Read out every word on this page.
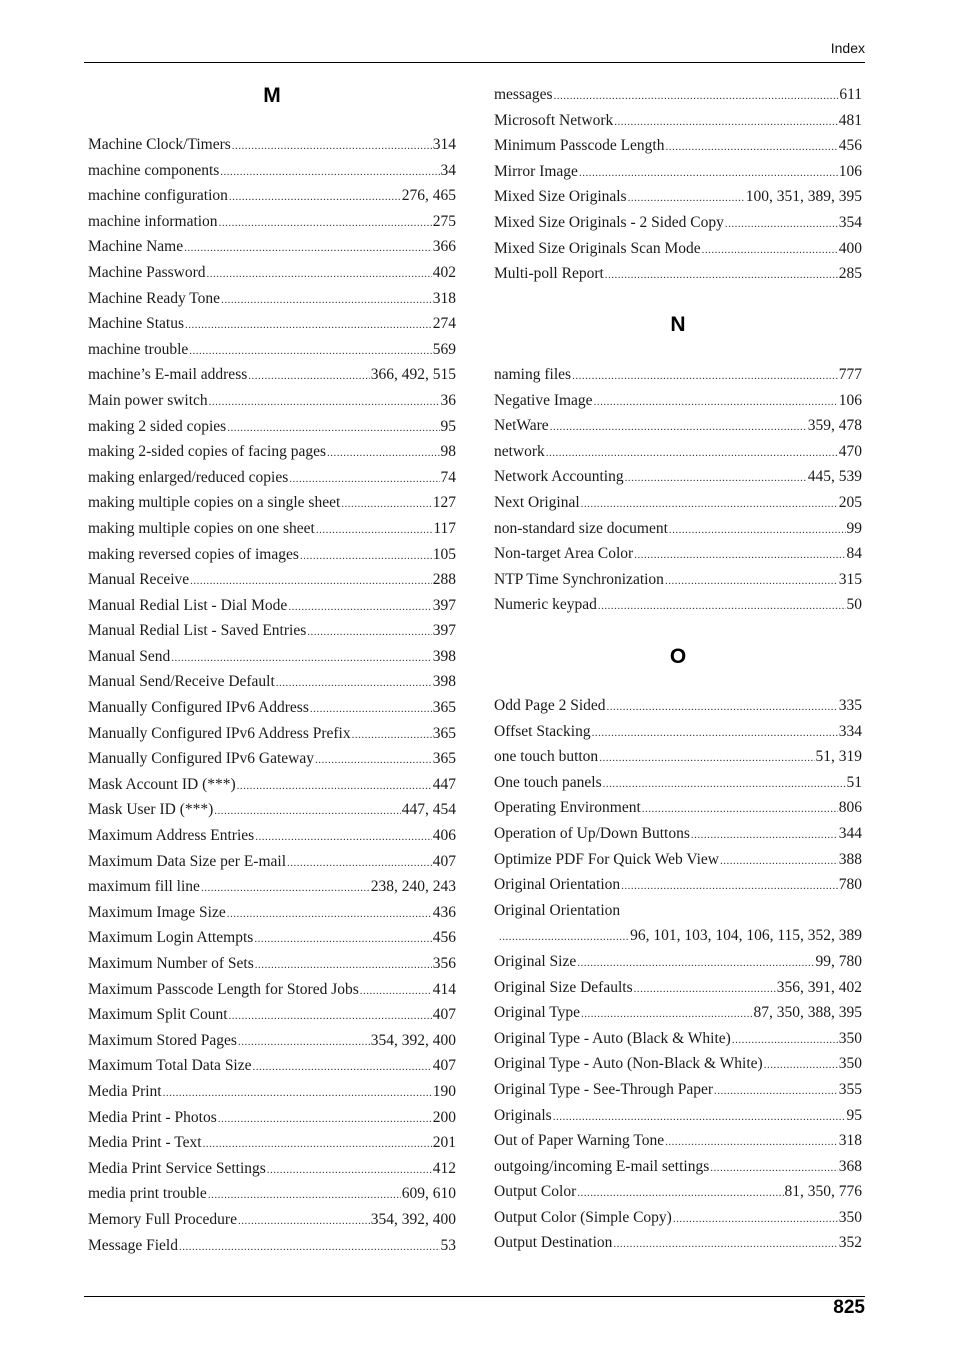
Index
M
Machine Clock/Timers .....	314
machine components .....	34
machine configuration .....	276, 465
machine information .....	275
Machine Name .....	366
Machine Password .....	402
Machine Ready Tone .....	318
Machine Status .....	274
machine trouble .....	569
machine’s E-mail address .....	366, 492, 515
Main power switch .....	36
making 2 sided copies .....	95
making 2-sided copies of facing pages .....	98
making enlarged/reduced copies .....	74
making multiple copies on a single sheet .....	127
making multiple copies on one sheet .....	117
making reversed copies of images .....	105
Manual Receive .....	288
Manual Redial List - Dial Mode .....	397
Manual Redial List - Saved Entries .....	397
Manual Send .....	398
Manual Send/Receive Default .....	398
Manually Configured IPv6 Address .....	365
Manually Configured IPv6 Address Prefix .....	365
Manually Configured IPv6 Gateway .....	365
Mask Account ID (***) .....	447
Mask User ID (***) .....	447, 454
Maximum Address Entries .....	406
Maximum Data Size per E-mail .....	407
maximum fill line .....	238, 240, 243
Maximum Image Size .....	436
Maximum Login Attempts .....	456
Maximum Number of Sets .....	356
Maximum Passcode Length for Stored Jobs .....	414
Maximum Split Count .....	407
Maximum Stored Pages .....	354, 392, 400
Maximum Total Data Size .....	407
Media Print .....	190
Media Print - Photos .....	200
Media Print - Text .....	201
Media Print Service Settings .....	412
media print trouble .....	609, 610
Memory Full Procedure .....	354, 392, 400
Message Field .....	53
messages .....	611
Microsoft Network .....	481
Minimum Passcode Length .....	456
Mirror Image .....	106
Mixed Size Originals .....	100, 351, 389, 395
Mixed Size Originals - 2 Sided Copy .....	354
Mixed Size Originals Scan Mode .....	400
Multi-poll Report .....	285
N
naming files .....	777
Negative Image .....	106
NetWare .....	359, 478
network .....	470
Network Accounting .....	445, 539
Next Original .....	205
non-standard size document .....	99
Non-target Area Color .....	84
NTP Time Synchronization .....	315
Numeric keypad .....	50
O
Odd Page 2 Sided .....	335
Offset Stacking .....	334
one touch button .....	51, 319
One touch panels .....	51
Operating Environment .....	806
Operation of Up/Down Buttons .....	344
Optimize PDF For Quick Web View .....	388
Original Orientation .....	780
Original Orientation
.....
96, 101, 103, 104, 106, 115, 352, 389
Original Size .....	99, 780
Original Size Defaults .....	356, 391, 402
Original Type .....	87, 350, 388, 395
Original Type - Auto (Black & White) .....	350
Original Type - Auto (Non-Black & White) .....	350
Original Type - See-Through Paper .....	355
Originals .....	95
Out of Paper Warning Tone .....	318
outgoing/incoming E-mail settings .....	368
Output Color .....	81, 350, 776
Output Color (Simple Copy) .....	350
Output Destination .....	352
825
